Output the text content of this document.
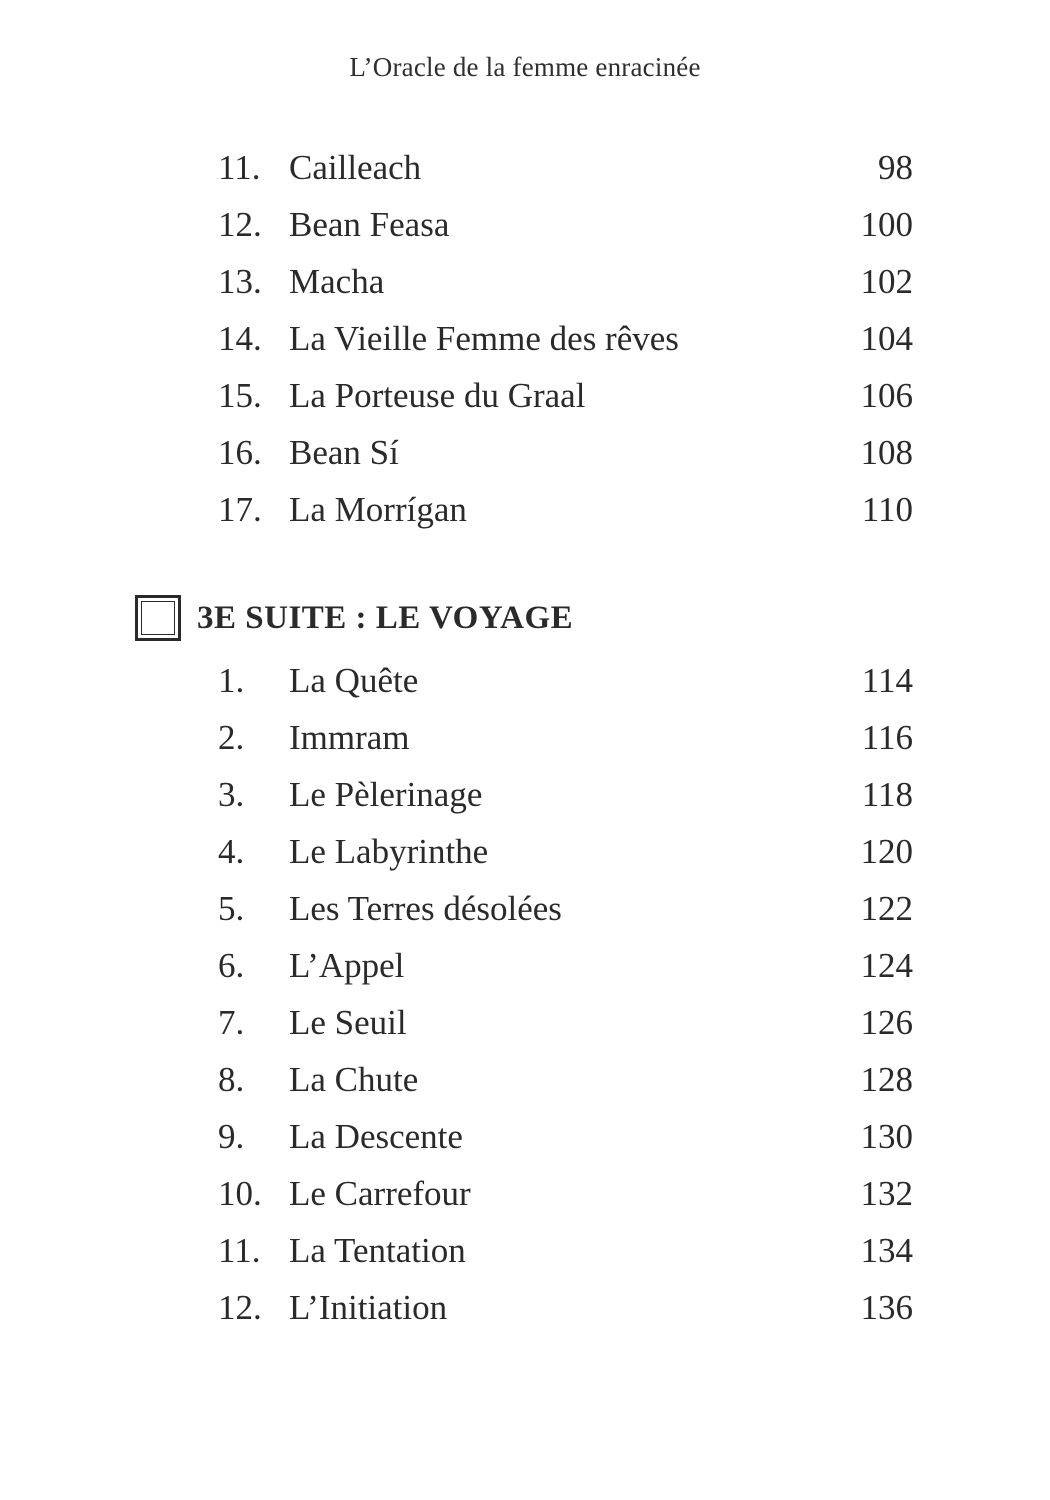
L’Oracle de la femme enracinée
11. Cailleach	98
12. Bean Feasa	100
13. Macha	102
14. La Vieille Femme des rêves	104
15. La Porteuse du Graal	106
16. Bean Sí	108
17. La Morrígan	110
3E SUITE : LE VOYAGE
1. La Quête	114
2. Immram	116
3. Le Pèlerinage	118
4. Le Labyrinthe	120
5. Les Terres désolées	122
6. L’Appel	124
7. Le Seuil	126
8. La Chute	128
9. La Descente	130
10. Le Carrefour	132
11. La Tentation	134
12. L’Initiation	136
